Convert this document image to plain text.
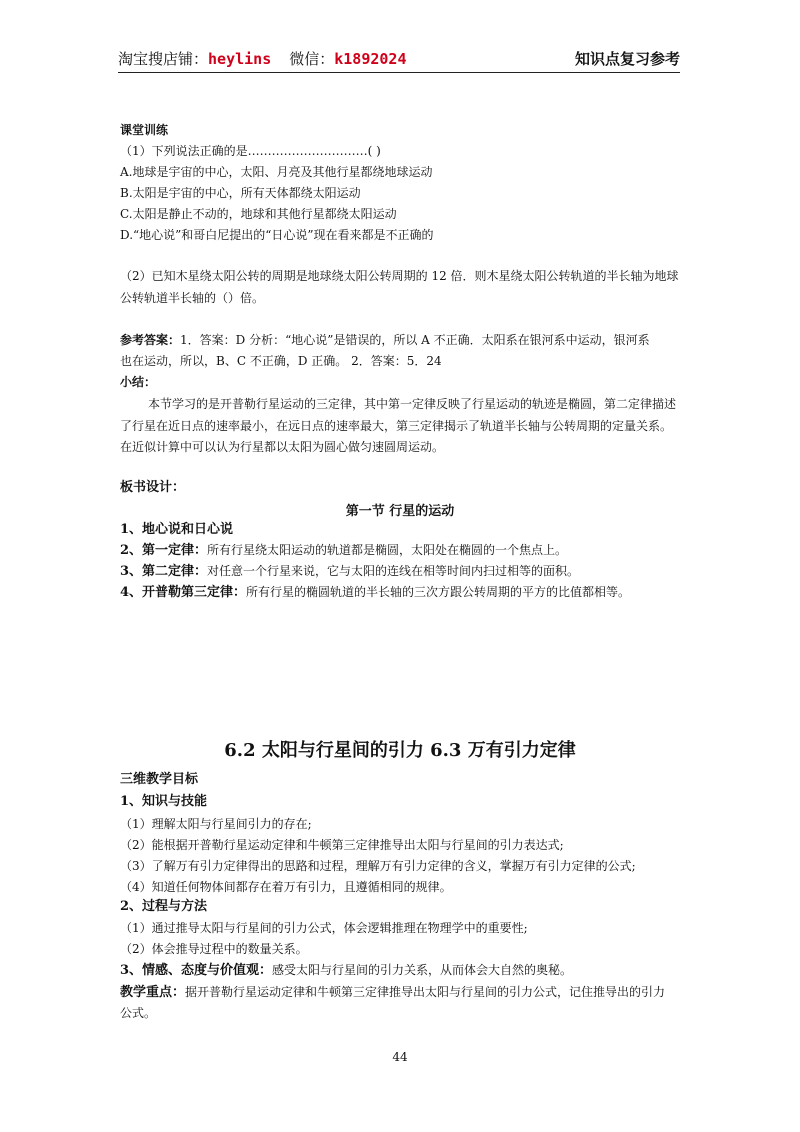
淘宝搜店铺：heylins 微信：k1892024	知识点复习参考
课堂训练
（1）下列说法正确的是…………………………( )
A.地球是宇宙的中心，太阳、月亮及其他行星都绕地球运动
B.太阳是宇宙的中心，所有天体都绕太阳运动
C.太阳是静止不动的，地球和其他行星都绕太阳运动
D.“地心说”和哥白尼提出的“日心说”现在看来都是不正确的
（2）已知木星绕太阳公转的周期是地球绕太阳公转周期的 12 倍．则木星绕太阳公转轨道的半长轴为地球
公转轨道半长轴的（）倍。
参考答案：1．答案：D 分析：“地心说”是错误的，所以 A 不正确．太阳系在银河系中运动，银河系
也在运动，所以，B、C 不正确，D 正确。 2．答案：5．24
小结：
本节学习的是开普勒行星运动的三定律，其中第一定律反映了行星运动的轨迹是椭圆，第二定律描述
了行星在近日点的速率最小，在远日点的速率最大，第三定律揭示了轨道半长轴与公转周期的定量关系。
在近似计算中可以认为行星都以太阳为圆心做匀速圆周运动。
板书设计：
第一节 行星的运动
1、地心说和日心说
2、第一定律：所有行星绕太阳运动的轨道都是椭圆，太阳处在椭圆的一个焦点上。
3、第二定律：对任意一个行星来说，它与太阳的连线在相等时间内扫过相等的面积。
4、开普勒第三定律：所有行星的椭圆轨道的半长轴的三次方跟公转周期的平方的比值都相等。
6.2 太阳与行星间的引力 6.3 万有引力定律
三维教学目标
1、知识与技能
（1）理解太阳与行星间引力的存在;
（2）能根据开普勒行星运动定律和牛顿第三定律推导出太阳与行星间的引力表达式;
（3）了解万有引力定律得出的思路和过程，理解万有引力定律的含义，掌握万有引力定律的公式;
（4）知道任何物体间都存在着万有引力，且遵循相同的规律。
2、过程与方法
（1）通过推导太阳与行星间的引力公式，体会逻辑推理在物理学中的重要性;
（2）体会推导过程中的数量关系。
3、情感、态度与价值观：感受太阳与行星间的引力关系，从而体会大自然的奥秘。
教学重点：据开普勒行星运动定律和牛顿第三定律推导出太阳与行星间的引力公式，记住推导出的引力
公式。
44
